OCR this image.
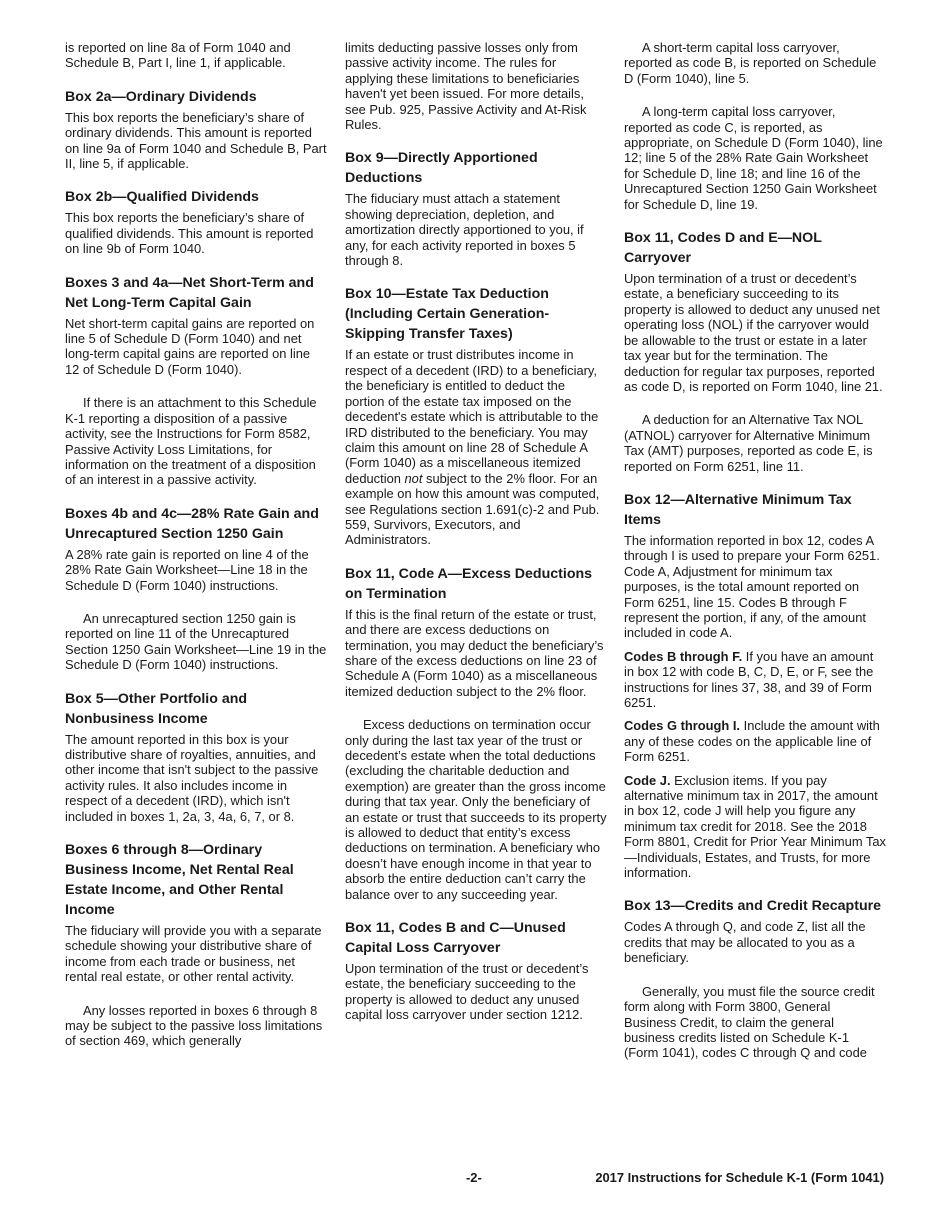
is reported on line 8a of Form 1040 and Schedule B, Part I, line 1, if applicable.

Box 2a—Ordinary Dividends

This box reports the beneficiary’s share of ordinary dividends. This amount is reported on line 9a of Form 1040 and Schedule B, Part II, line 5, if applicable.

Box 2b—Qualified Dividends

This box reports the beneficiary’s share of qualified dividends. This amount is reported on line 9b of Form 1040.

Boxes 3 and 4a—Net Short-Term and Net Long-Term Capital Gain

Net short-term capital gains are reported on line 5 of Schedule D (Form 1040) and net long-term capital gains are reported on line 12 of Schedule D (Form 1040).

If there is an attachment to this Schedule K-1 reporting a disposition of a passive activity, see the Instructions for Form 8582, Passive Activity Loss Limitations, for information on the treatment of a disposition of an interest in a passive activity.

Boxes 4b and 4c—28% Rate Gain and Unrecaptured Section 1250 Gain

A 28% rate gain is reported on line 4 of the 28% Rate Gain Worksheet—Line 18 in the Schedule D (Form 1040) instructions.

An unrecaptured section 1250 gain is reported on line 11 of the Unrecaptured Section 1250 Gain Worksheet—Line 19 in the Schedule D (Form 1040) instructions.

Box 5—Other Portfolio and Nonbusiness Income

The amount reported in this box is your distributive share of royalties, annuities, and other income that isn't subject to the passive activity rules. It also includes income in respect of a decedent (IRD), which isn't included in boxes 1, 2a, 3, 4a, 6, 7, or 8.

Boxes 6 through 8—Ordinary Business Income, Net Rental Real Estate Income, and Other Rental Income

The fiduciary will provide you with a separate schedule showing your distributive share of income from each trade or business, net rental real estate, or other rental activity.

Any losses reported in boxes 6 through 8 may be subject to the passive loss limitations of section 469, which generally

limits deducting passive losses only from passive activity income. The rules for applying these limitations to beneficiaries haven't yet been issued. For more details, see Pub. 925, Passive Activity and At-Risk Rules.

Box 9—Directly Apportioned Deductions

The fiduciary must attach a statement showing depreciation, depletion, and amortization directly apportioned to you, if any, for each activity reported in boxes 5 through 8.

Box 10—Estate Tax Deduction (Including Certain Generation-Skipping Transfer Taxes)

If an estate or trust distributes income in respect of a decedent (IRD) to a beneficiary, the beneficiary is entitled to deduct the portion of the estate tax imposed on the decedent's estate which is attributable to the IRD distributed to the beneficiary. You may claim this amount on line 28 of Schedule A (Form 1040) as a miscellaneous itemized deduction not subject to the 2% floor. For an example on how this amount was computed, see Regulations section 1.691(c)-2 and Pub. 559, Survivors, Executors, and Administrators.

Box 11, Code A—Excess Deductions on Termination

If this is the final return of the estate or trust, and there are excess deductions on termination, you may deduct the beneficiary’s share of the excess deductions on line 23 of Schedule A (Form 1040) as a miscellaneous itemized deduction subject to the 2% floor.

Excess deductions on termination occur only during the last tax year of the trust or decedent’s estate when the total deductions (excluding the charitable deduction and exemption) are greater than the gross income during that tax year. Only the beneficiary of an estate or trust that succeeds to its property is allowed to deduct that entity’s excess deductions on termination. A beneficiary who doesn’t have enough income in that year to absorb the entire deduction can’t carry the balance over to any succeeding year.

Box 11, Codes B and C—Unused Capital Loss Carryover

Upon termination of the trust or decedent’s estate, the beneficiary succeeding to the property is allowed to deduct any unused capital loss carryover under section 1212.

A short-term capital loss carryover, reported as code B, is reported on Schedule D (Form 1040), line 5.

A long-term capital loss carryover, reported as code C, is reported, as appropriate, on Schedule D (Form 1040), line 12; line 5 of the 28% Rate Gain Worksheet for Schedule D, line 18; and line 16 of the Unrecaptured Section 1250 Gain Worksheet for Schedule D, line 19.

Box 11, Codes D and E—NOL Carryover

Upon termination of a trust or decedent’s estate, a beneficiary succeeding to its property is allowed to deduct any unused net operating loss (NOL) if the carryover would be allowable to the trust or estate in a later tax year but for the termination. The deduction for regular tax purposes, reported as code D, is reported on Form 1040, line 21.

A deduction for an Alternative Tax NOL (ATNOL) carryover for Alternative Minimum Tax (AMT) purposes, reported as code E, is reported on Form 6251, line 11.

Box 12—Alternative Minimum Tax Items

The information reported in box 12, codes A through I is used to prepare your Form 6251. Code A, Adjustment for minimum tax purposes, is the total amount reported on Form 6251, line 15. Codes B through F represent the portion, if any, of the amount included in code A.

Codes B through F. If you have an amount in box 12 with code B, C, D, E, or F, see the instructions for lines 37, 38, and 39 of Form 6251.

Codes G through I. Include the amount with any of these codes on the applicable line of Form 6251.

Code J. Exclusion items. If you pay alternative minimum tax in 2017, the amount in box 12, code J will help you figure any minimum tax credit for 2018. See the 2018 Form 8801, Credit for Prior Year Minimum Tax—Individuals, Estates, and Trusts, for more information.

Box 13—Credits and Credit Recapture

Codes A through Q, and code Z, list all the credits that may be allocated to you as a beneficiary.

Generally, you must file the source credit form along with Form 3800, General Business Credit, to claim the general business credits listed on Schedule K-1 (Form 1041), codes C through Q and code

-2-	2017 Instructions for Schedule K-1 (Form 1041)
